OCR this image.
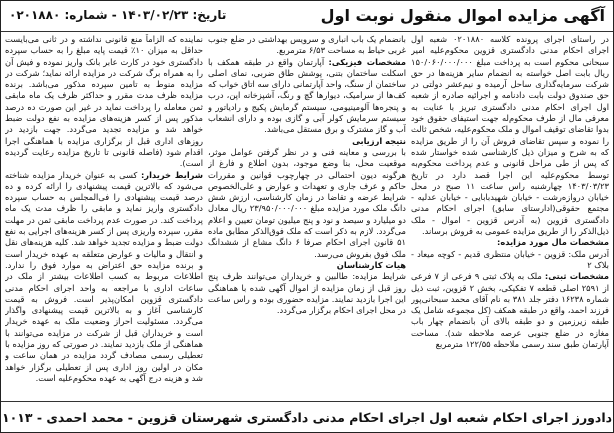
آگهی مزایده اموال منقول نوبت اول
تاریخ: ۱۴۰۳/۰۲/۲۳ - شماره: ۰۲۰۱۸۸۰

در راستای اجرای پرونده کلاسه ۰۲۰۱۸۸۰ شعبه اول اجرای احکام مدنی دادگستری قزوین محکوم‌علیه امیر سبحانی محکوم است به پرداخت مبلغ ۱۵۰/۰۶۰/۰۰۰/۰۰۰ ریال بابت اصل خواسته به انضمام سایر هزینه‌ها در حق شرکت سرمایه‌گذاری ساحل آرمیده و نیم‌عشر دولتی در حق صندوق دولت بابت دادنامه و اجرائیه صادره از شعبه اول اجرای احکام مدنی دادگستری تبریز با عنایت به معرفی مال از طرف محکوم‌له جهت استیفای حقوق خود بدوا تقاضای توقیف اموال و ملک محکوم‌علیه، شخص ثالث را نموده و سپس تقاضای فروش آن را از طریق مزایده که به شرح و میزان ذیل کارشناسی شده خواستار شده که پس از طی مراحل قانونی و عدم پرداخت محکوم‌به توسط محکوم‌علیه این اجرا قصد دارد در تاریخ ۱۴۰۳/۰۳/۲۳ چهارشنبه راس ساعت ۱۱ صبح در محل خیابان دروازه‌رشت - خیابان شهیدبابایی - خیابان عدلیه - مجتمع حقوقی(ادارستای سابق) اجرای احکام مدنی دادگستری قزوین (به آدرس قزوین - اموال - ملک ذیل‌الذکر را از طریق مزایده عمومی به فروش برساند.

مشخصات مال مورد مزایده:

آدرس ملک: قزوین - خیابان منتظری قدیم - کوچه میعاد - بلاک ۲

مشخصات ثبتی: ملک به پلاک ثبتی ۹ فرعی از ۷ فرعی از ۲۵۹۱ اصلی قطعه ۷ تفکیکی، بخش ۲ قزوین، ثبت ذیل شماره ۱۶۲۳۸ دفتر جلد ۳۸۱ به نام آقای محمد سبحانی‌پور فرزند احمد، واقع در طبقه همکف (کل مجموعه شامل یک طبقه زیرزمین و دو طبقه بالای آن بانضمام چهار باب مغازه در ضلع جنوبی عرصه ملاحظه شد). مساحت آپارتمان طبق سند رسمی ملاحظه ۱۲۲/۵۵ مترمربع

بانضمام یک باب انباری و سرویس بهداشتی در ضلع جنوب غربی حیاط به مساحت ۶/۵۳ مترمربع.

مشخصات فیزیکی: آپارتمان واقع در طبقه همکف با اسکلت ساختمان بتنی، پوشش طاق ضربی، نمای اصلی ساختمان از سنگ، واحد آپارتمانی دارای سه اتاق خواب که کف‌ها از سرامیک، دیوارها گچ و رنگ، آشپزخانه اپن، درب و پنجره‌ها آلومینیومی، سیستم گرمایش پکیج و رادیاتور و سیستم سرمایش کولر آبی و گازی بوده و دارای انشعاب آب و گاز مشترک و برق مستقل می‌باشد.

نتیجه ارزیابی

با بررسی و معاینه فنی و در نظر گرفتن عوامل موثر، موقعیت محل، بنا وضع موجود، بدون اطلاع و فارغ از هرگونه دیون احتمالی در چهارچوب قوانین و مقررات حاکم و عرف جاری و تعهدات و عوارض و علی‌الخصوص شرایط عرضه و تقاضا در زمان کارشناسی، ارزش شش دانگ ملک مورد مزایده مبلغ ۲۳/۹۵۰/۰۰۰/۰۰۰ ریال معادل دو میلیارد و سیصد و نود و پنج میلیون تومان تعیین و اعلام می‌گردد. لازم به ذکر است که ملک فوق‌الذکر مطابق ماده ۵۱ قانون اجرای احکام صرفا ۶ دانگ مشاع از ششدانگ ملک فوق بفروش می‌رسد.

هیات کارشناسان

شرایط مزایده: طالبین و خریداران می‌توانند ظرف پنج روز قبل از زمان مزایده از اموال آگهی شده با هماهنگی این اجرا بازدید نمایند. مزایده حضوری بوده و راس ساعت در محل اجرای احکام برگزار می‌گردد.

نماینده که الزاماً منع قانونی نداشته و در ثانی می‌بایست حداقل به میزان ۱۰٪ قیمت پایه مبلغ را به حساب سپرده دادگستری خود در کارت عابر بانک واریز نموده و فیش آن را به همراه برگ شرکت در مزایده ارائه نماید؛ شرکت در مزایده منوط به تامین سپرده مذکور می‌باشد. برنده مزایده ظرف مدت مقرر و حداکثر ظرف یک ماه مابقی ثمن معامله را پرداخت نماید در غیر این صورت ده درصد مذکور پس از کسر هزینه‌های مزایده به نفع دولت ضبط خواهد شد و مزایده تجدید می‌گردد. جهت بازدید در روزهای اداری قبل از برگزاری مزایده با هماهنگی اجرا اقدام شود (فاصله قانونی تا تاریخ مزایده رعایت گردیده است).

شرایط خریدار: کسی به عنوان خریدار مزایده شناخته می‌شود که بالاترین قیمت پیشنهادی را ارائه کرده و ده درصد قیمت پیشنهادی را فی‌المجلس به حساب سپرده دادگستری واریز نماید و مابقی را ظرف مدت یک ماه پرداخت کند. در صورت عدم پرداخت مابقی ثمن در مهلت مقرر، سپرده واریزی پس از کسر هزینه‌های اجرایی به نفع دولت ضبط و مزایده تجدید خواهد شد. کلیه هزینه‌های نقل و انتقال و مالیات و عوارض متعلقه به عهده خریدار است و برنده مزایده حق اعتراض به موارد فوق را ندارد. اطلاعات مربوط به کسب اطلاعات بیشتر از ملک در ساعات اداری با مراجعه به واحد اجرای احکام مدنی دادگستری قزوین امکان‌پذیر است. فروش به قیمت کارشناسی آغاز و به بالاترین قیمت پیشنهادی واگذار می‌گردد. مسئولیت احراز وضعیت ملک به عهده خریدار است و خریداران قبل از شرکت در مزایده می‌توانند با هماهنگی از ملک بازدید نمایند. در صورتی که روز مزایده با تعطیلی رسمی مصادف گردد مزایده در همان ساعت و مکان در اولین روز اداری پس از تعطیلی برگزار خواهد شد و هزینه درج آگهی به عهده محکوم‌علیه است.

دادورز اجرای احکام شعبه اول اجرای احکام مدنی دادگستری شهرستان قزوین - محمد احمدی - ۱۰۱۳
